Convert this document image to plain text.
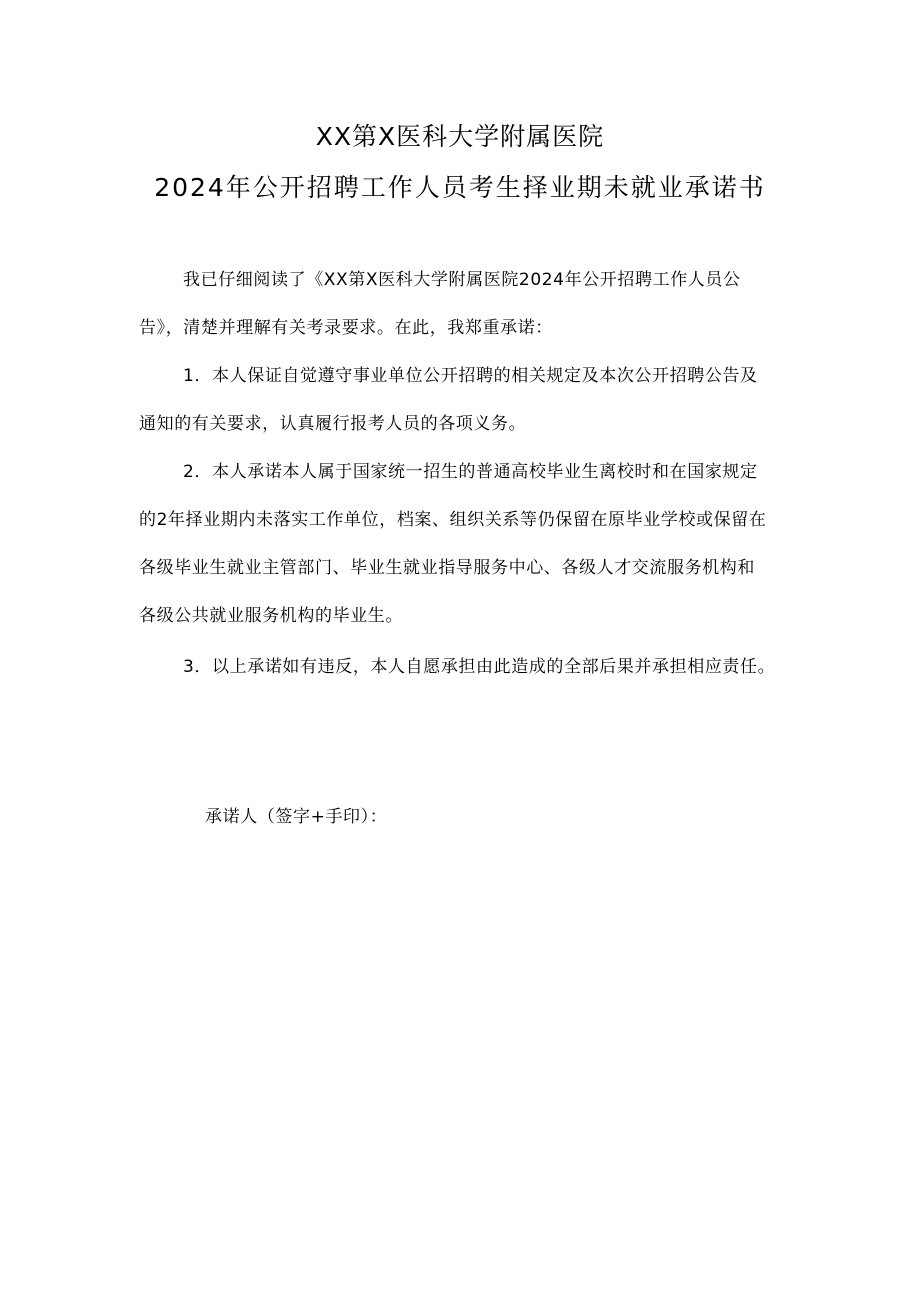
XX第X医科大学附属医院
2024年公开招聘工作人员考生择业期未就业承诺书

我已仔细阅读了《XX第X医科大学附属医院2024年公开招聘工作人员公

告》，清楚并理解有关考录要求。在此，我郑重承诺：

1．本人保证自觉遵守事业单位公开招聘的相关规定及本次公开招聘公告及

通知的有关要求，认真履行报考人员的各项义务。

2．本人承诺本人属于国家统一招生的普通高校毕业生离校时和在国家规定

的2年择业期内未落实工作单位，档案、组织关系等仍保留在原毕业学校或保留在

各级毕业生就业主管部门、毕业生就业指导服务中心、各级人才交流服务机构和

各级公共就业服务机构的毕业生。

3．以上承诺如有违反，本人自愿承担由此造成的全部后果并承担相应责任。

承诺人（签字+手印）：
